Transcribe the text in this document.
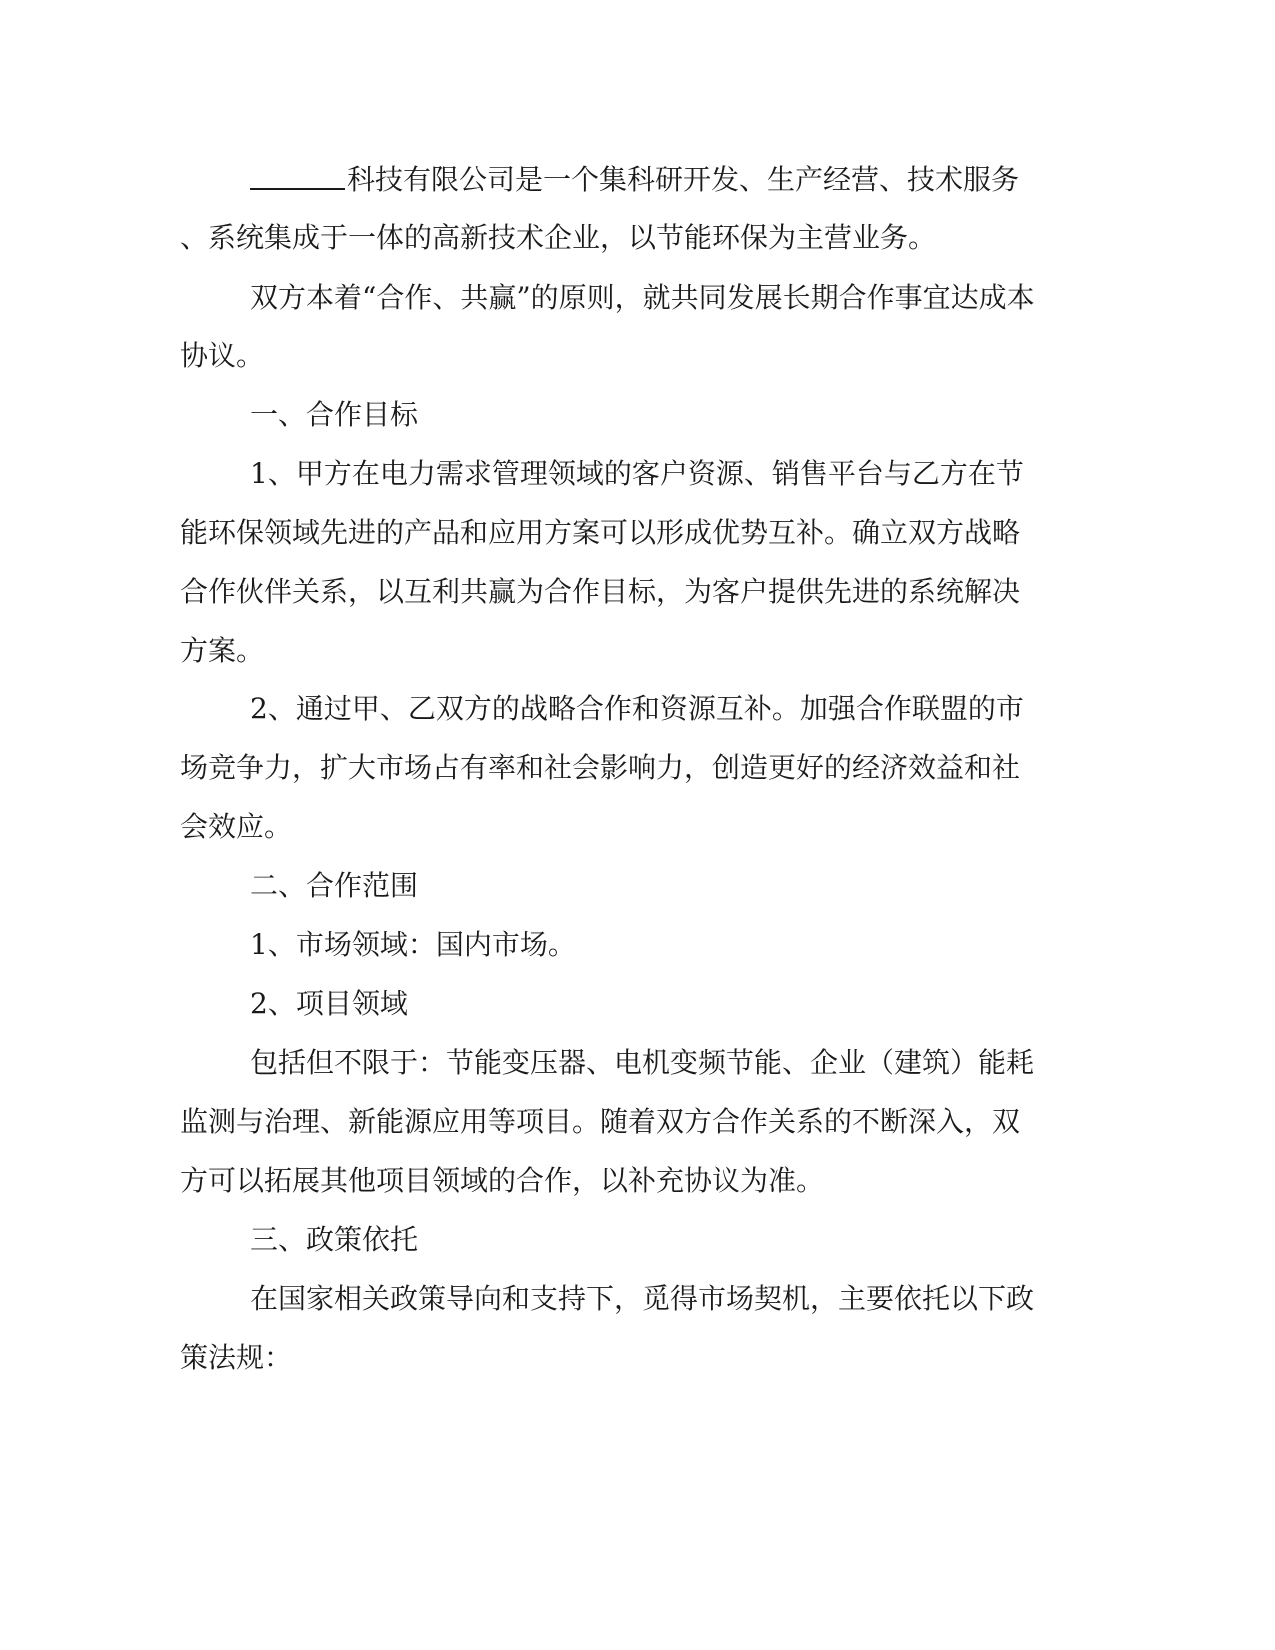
科技有限公司是一个集科研开发、生产经营、技术服务
、系统集成于一体的高新技术企业，以节能环保为主营业务。
双方本着“合作、共赢”的原则，就共同发展长期合作事宜达成本
协议。
一、合作目标
1、甲方在电力需求管理领域的客户资源、销售平台与乙方在节
能环保领域先进的产品和应用方案可以形成优势互补。确立双方战略
合作伙伴关系，以互利共赢为合作目标，为客户提供先进的系统解决
方案。
2、通过甲、乙双方的战略合作和资源互补。加强合作联盟的市
场竞争力，扩大市场占有率和社会影响力，创造更好的经济效益和社
会效应。
二、合作范围
1、市场领域：国内市场。
2、项目领域
包括但不限于：节能变压器、电机变频节能、企业（建筑）能耗
监测与治理、新能源应用等项目。随着双方合作关系的不断深入，双
方可以拓展其他项目领域的合作，以补充协议为准。
三、政策依托
在国家相关政策导向和支持下，觅得市场契机，主要依托以下政
策法规：
